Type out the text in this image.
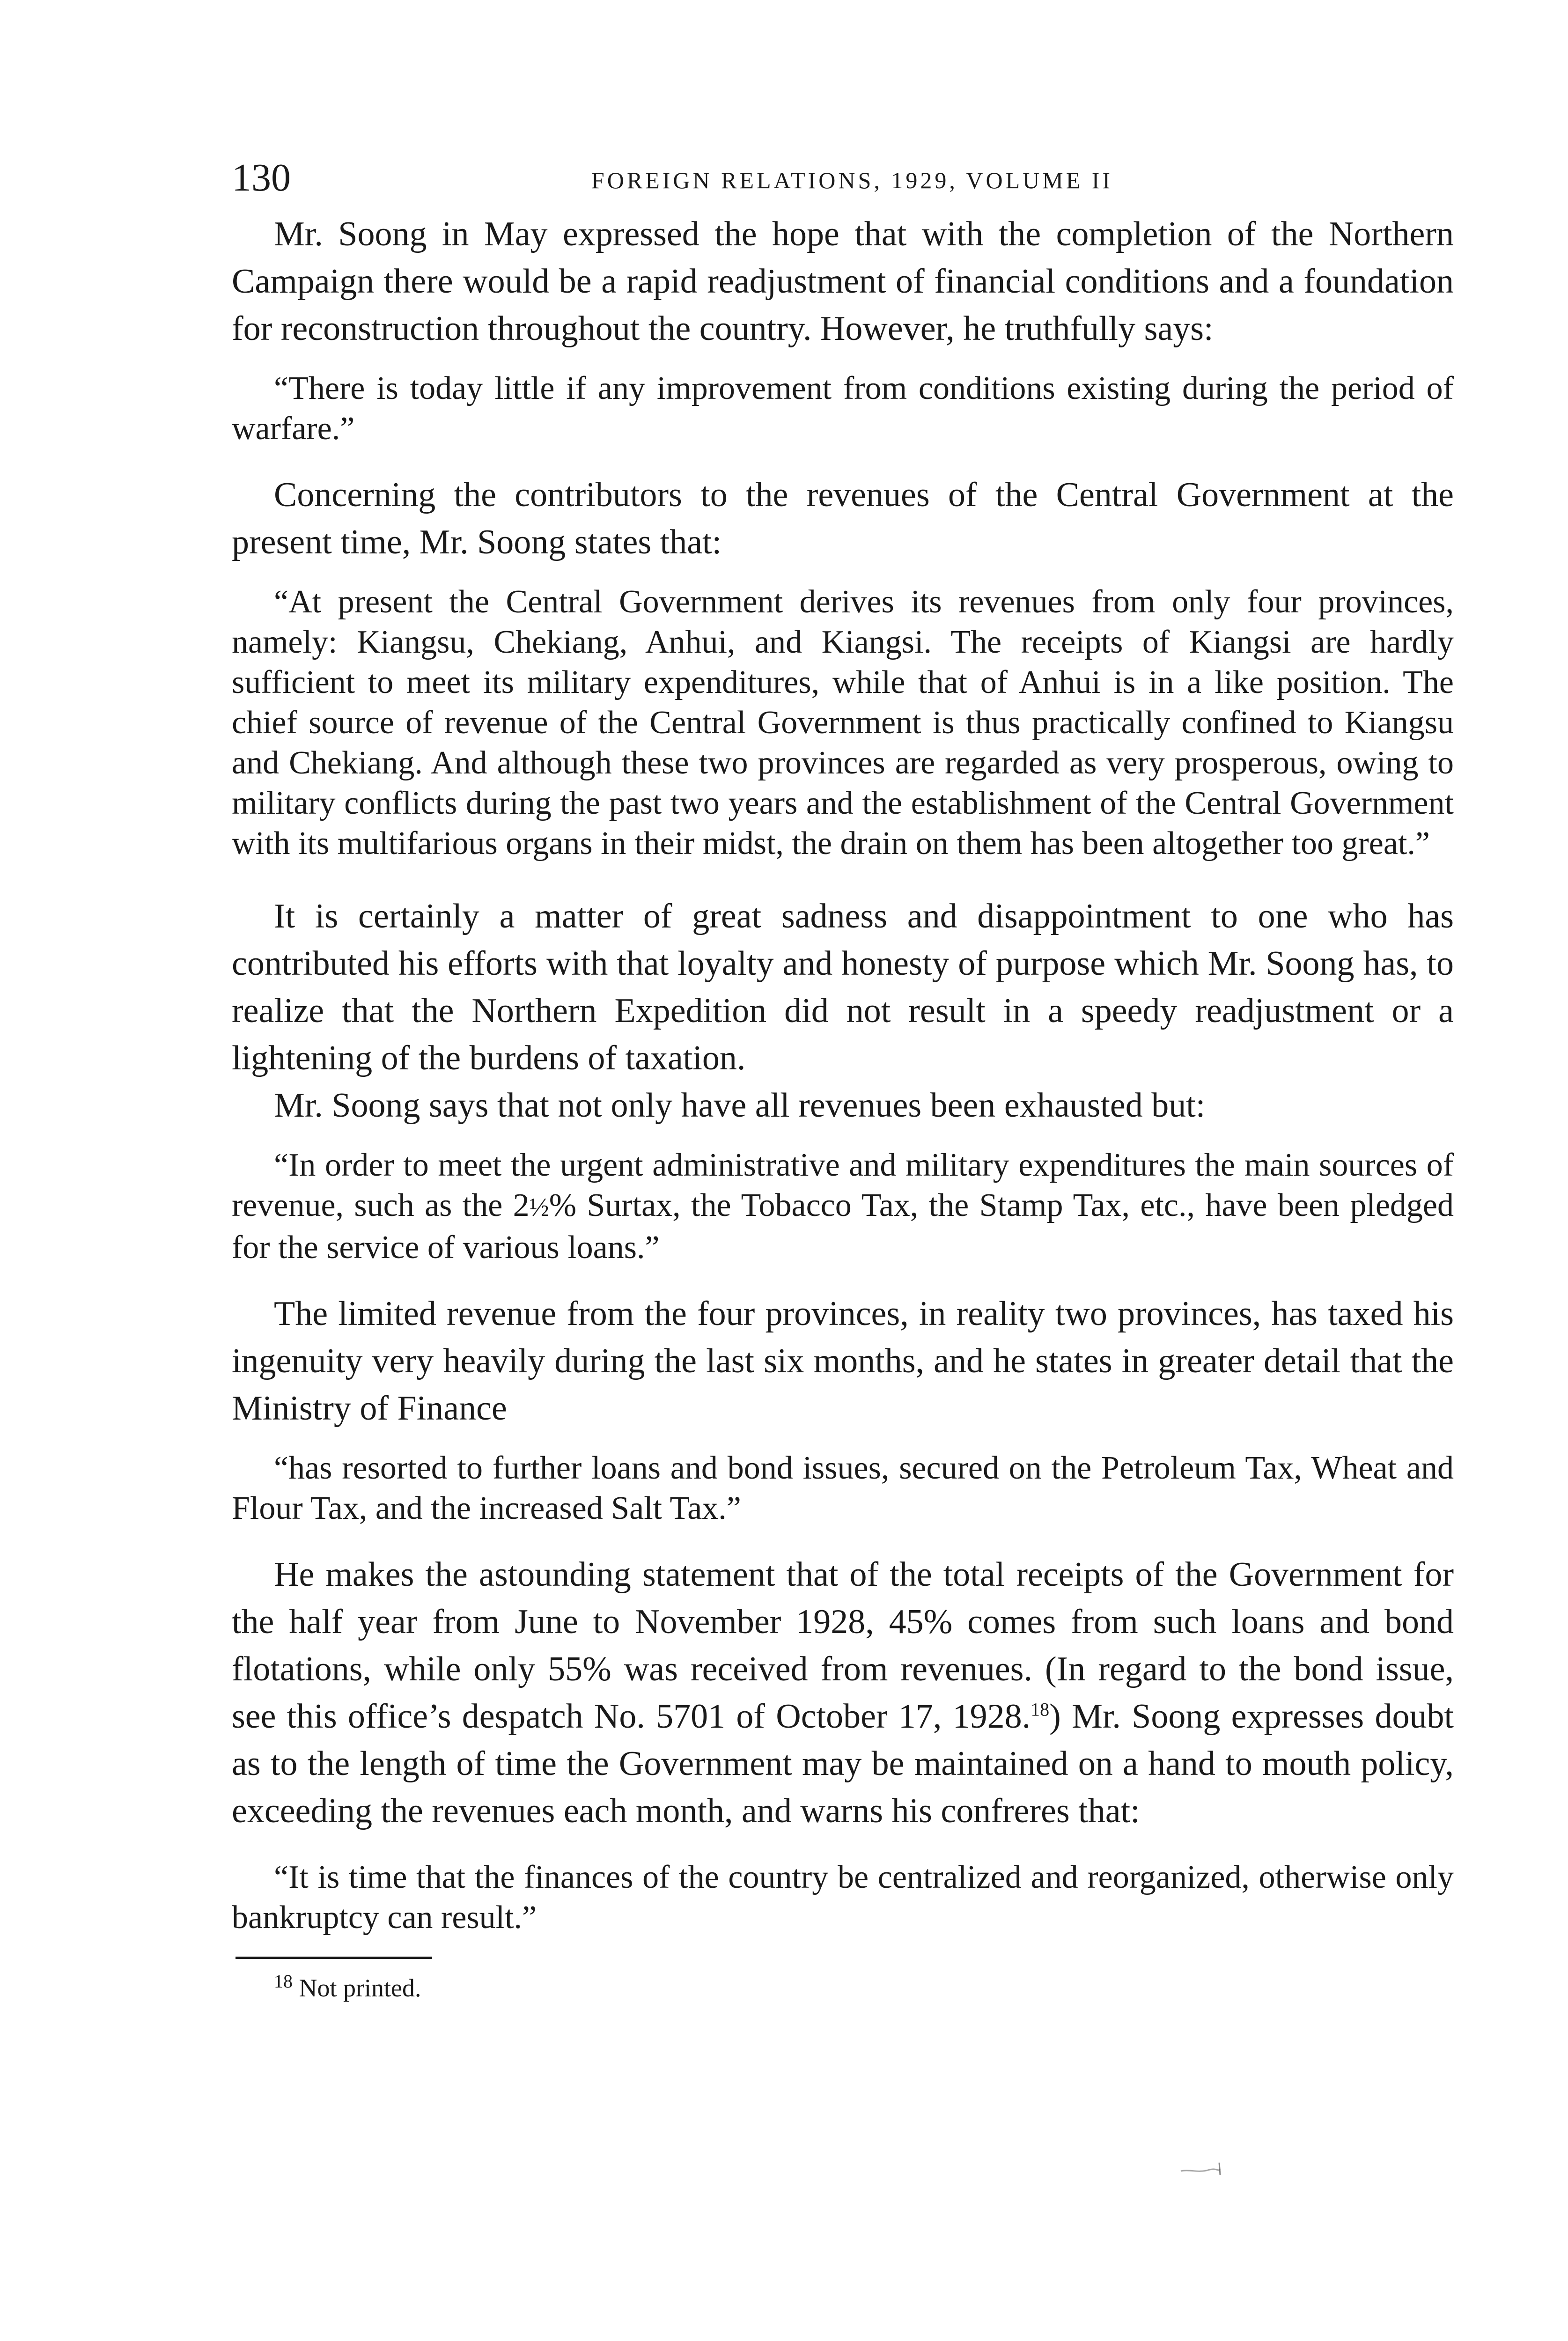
130	FOREIGN RELATIONS, 1929, VOLUME II

Mr. Soong in May expressed the hope that with the completion of the Northern Campaign there would be a rapid readjustment of financial conditions and a foundation for reconstruction throughout the country. However, he truthfully says:

“There is today little if any improvement from conditions existing during the period of warfare.”

Concerning the contributors to the revenues of the Central Government at the present time, Mr. Soong states that:

“At present the Central Government derives its revenues from only four provinces, namely: Kiangsu, Chekiang, Anhui, and Kiangsi. The receipts of Kiangsi are hardly sufficient to meet its military expenditures, while that of Anhui is in a like position. The chief source of revenue of the Central Government is thus practically confined to Kiangsu and Chekiang. And although these two provinces are regarded as very prosperous, owing to military conflicts during the past two years and the establishment of the Central Government with its multifarious organs in their midst, the drain on them has been altogether too great.”

It is certainly a matter of great sadness and disappointment to one who has contributed his efforts with that loyalty and honesty of purpose which Mr. Soong has, to realize that the Northern Expedition did not result in a speedy readjustment or a lightening of the burdens of taxation.

Mr. Soong says that not only have all revenues been exhausted but:

“In order to meet the urgent administrative and military expenditures the main sources of revenue, such as the 2½% Surtax, the Tobacco Tax, the Stamp Tax, etc., have been pledged for the service of various loans.”

The limited revenue from the four provinces, in reality two provinces, has taxed his ingenuity very heavily during the last six months, and he states in greater detail that the Ministry of Finance

“has resorted to further loans and bond issues, secured on the Petroleum Tax, Wheat and Flour Tax, and the increased Salt Tax.”

He makes the astounding statement that of the total receipts of the Government for the half year from June to November 1928, 45% comes from such loans and bond flotations, while only 55% was received from revenues. (In regard to the bond issue, see this office’s despatch No. 5701 of October 17, 1928.18) Mr. Soong expresses doubt as to the length of time the Government may be maintained on a hand to mouth policy, exceeding the revenues each month, and warns his confreres that:

“It is time that the finances of the country be centralized and reorganized, otherwise only bankruptcy can result.”

$^{18}$ Not printed.
